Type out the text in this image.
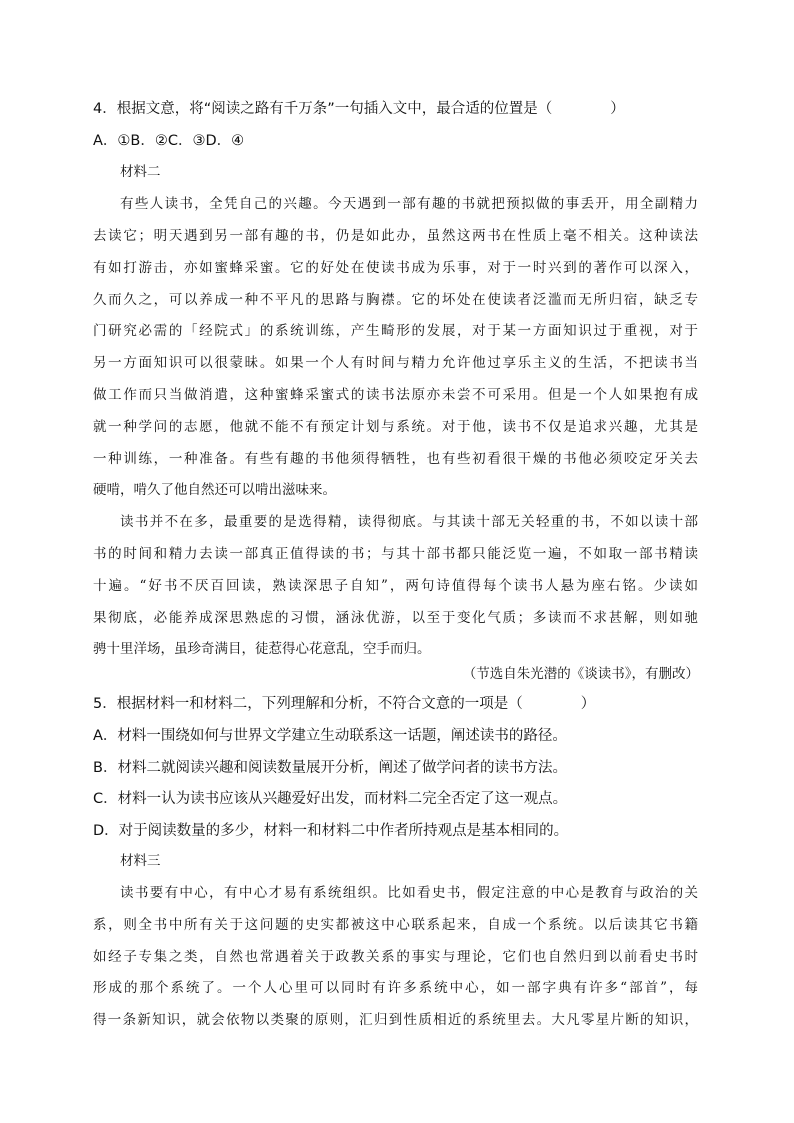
4．根据文意，将“阅读之路有千万条”一句插入文中，最合适的位置是（　　　　）
A．①B．②C．③D．④
材料二
有些人读书，全凭自己的兴趣。今天遇到一部有趣的书就把预拟做的事丢开，用全副精力
去读它；明天遇到另一部有趣的书，仍是如此办，虽然这两书在性质上毫不相关。这种读法
有如打游击，亦如蜜蜂采蜜。它的好处在使读书成为乐事，对于一时兴到的著作可以深入，
久而久之，可以养成一种不平凡的思路与胸襟。它的坏处在使读者泛滥而无所归宿，缺乏专
门研究必需的「经院式」的系统训练，产生畸形的发展，对于某一方面知识过于重视，对于
另一方面知识可以很蒙昧。如果一个人有时间与精力允许他过享乐主义的生活，不把读书当
做工作而只当做消遣，这种蜜蜂采蜜式的读书法原亦未尝不可采用。但是一个人如果抱有成
就一种学问的志愿，他就不能不有预定计划与系统。对于他，读书不仅是追求兴趣，尤其是
一种训练，一种准备。有些有趣的书他须得牺牲，也有些初看很干燥的书他必须咬定牙关去
硬啃，啃久了他自然还可以啃出滋味来。
读书并不在多，最重要的是选得精，读得彻底。与其读十部无关轻重的书，不如以读十部
书的时间和精力去读一部真正值得读的书；与其十部书都只能泛览一遍，不如取一部书精读
十遍。“好书不厌百回读，熟读深思子自知”，两句诗值得每个读书人悬为座右铭。少读如
果彻底，必能养成深思熟虑的习惯，涵泳优游，以至于变化气质；多读而不求甚解，则如驰
骋十里洋场，虽珍奇满目，徒惹得心花意乱，空手而归。
（节选自朱光潜的《谈读书》，有删改）
5．根据材料一和材料二，下列理解和分析，不符合文意的一项是（　　　　）
A．材料一围绕如何与世界文学建立生动联系这一话题，阐述读书的路径。
B．材料二就阅读兴趣和阅读数量展开分析，阐述了做学问者的读书方法。
C．材料一认为读书应该从兴趣爱好出发，而材料二完全否定了这一观点。
D．对于阅读数量的多少，材料一和材料二中作者所持观点是基本相同的。
材料三
读书要有中心，有中心才易有系统组织。比如看史书，假定注意的中心是教育与政治的关
系，则全书中所有关于这问题的史实都被这中心联系起来，自成一个系统。以后读其它书籍
如经子专集之类，自然也常遇着关于政教关系的事实与理论，它们也自然归到以前看史书时
形成的那个系统了。一个人心里可以同时有许多系统中心，如一部字典有许多“部首”，每
得一条新知识，就会依物以类聚的原则，汇归到性质相近的系统里去。大凡零星片断的知识，
